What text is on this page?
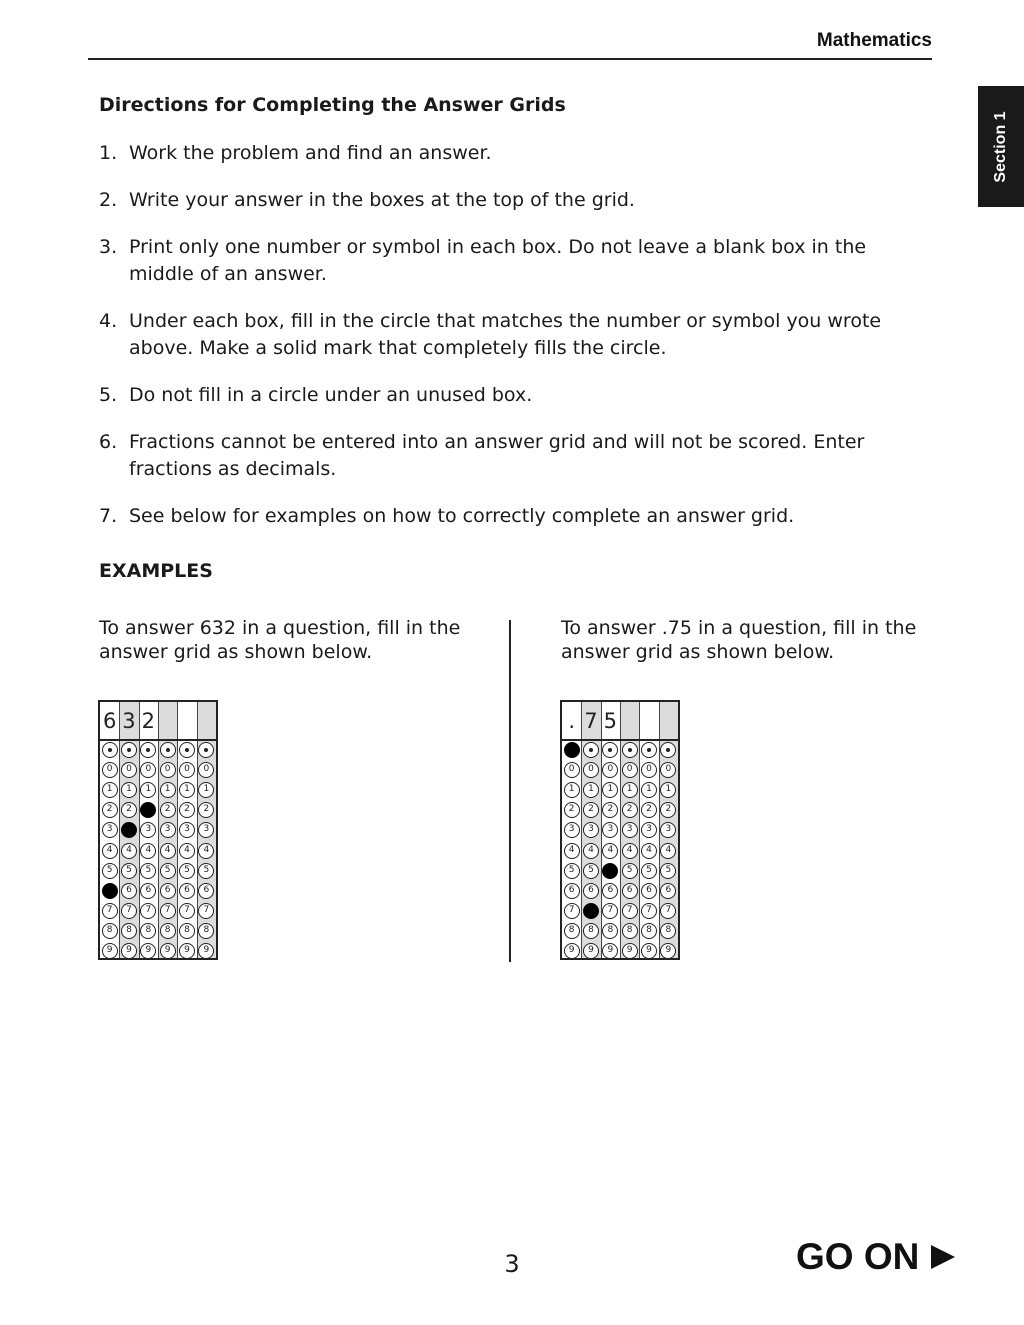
Mathematics
Section 1
Directions for Completing the Answer Grids
1. Work the problem and find an answer.
2. Write your answer in the boxes at the top of the grid.
3. Print only one number or symbol in each box. Do not leave a blank box in the middle of an answer.
4. Under each box, fill in the circle that matches the number or symbol you wrote above. Make a solid mark that completely fills the circle.
5. Do not fill in a circle under an unused box.
6. Fractions cannot be entered into an answer grid and will not be scored. Enter fractions as decimals.
7. See below for examples on how to correctly complete an answer grid.
EXAMPLES
To answer 632 in a question, fill in the answer grid as shown below.
To answer .75 in a question, fill in the answer grid as shown below.
6 3 2
0
1
2
3
4
5
7
8
9
0
1
2
4
5
6
7
8
9
0
1
3
4
5
6
7
8
9
0
1
2
3
4
5
6
7
8
9
0
1
2
3
4
5
6
7
8
9
0
1
2
3
4
5
6
7
8
9
. 7 5
0
1
2
3
4
5
6
7
8
9
0
1
2
3
4
5
6
8
9
0
1
2
3
4
6
7
8
9
0
1
2
3
4
5
6
7
8
9
0
1
2
3
4
5
6
7
8
9
0
1
2
3
4
5
6
7
8
9
3	GO ON
